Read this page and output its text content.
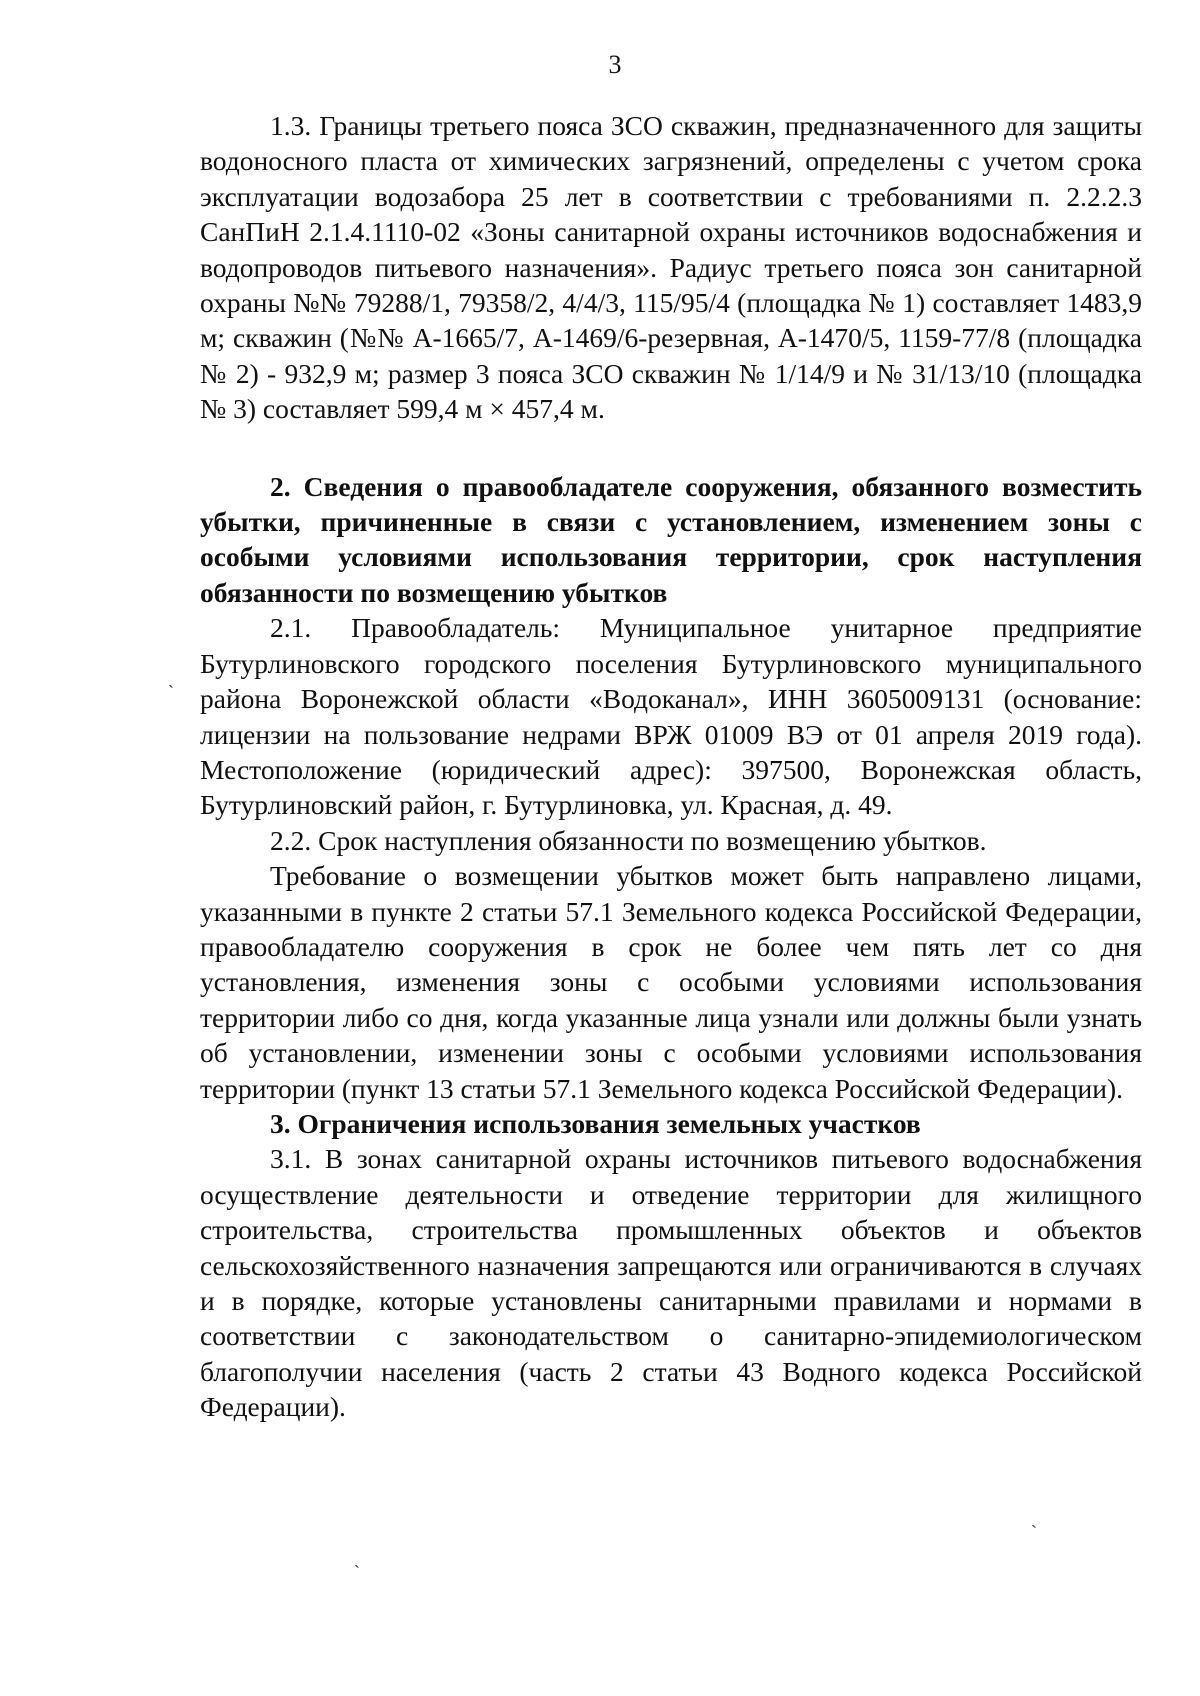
3
ˎ
ˏ
ˋ

1.3. Границы третьего пояса ЗСО скважин, предназначенного для защиты водоносного пласта от химических загрязнений, определены с учетом срока эксплуатации водозабора 25 лет в соответствии с требованиями п. 2.2.2.3 СанПиН 2.1.4.1110-02 «Зоны санитарной охраны источников водоснабжения и водопроводов питьевого назначения». Радиус третьего пояса зон санитарной охраны №№ 79288/1, 79358/2, 4/4/3, 115/95/4 (площадка № 1) составляет 1483,9 м; скважин (№№ А-1665/7, А-1469/6-резервная, А-1470/5, 1159-77/8 (площадка № 2) - 932,9 м; размер 3 пояса ЗСО скважин № 1/14/9 и № 31/13/10 (площадка № 3) составляет 599,4 м × 457,4 м.

2. Сведения о правообладателе сооружения, обязанного возместить убытки, причиненные в связи с установлением, изменением зоны с особыми условиями использования территории, срок наступления обязанности по возмещению убытков

2.1. Правообладатель: Муниципальное унитарное предприятие Бутурлиновского городского поселения Бутурлиновского муниципального района Воронежской области «Водоканал», ИНН 3605009131 (основание: лицензии на пользование недрами ВРЖ 01009 ВЭ от 01 апреля 2019 года). Местоположение (юридический адрес): 397500, Воронежская область, Бутурлиновский район, г. Бутурлиновка, ул. Красная, д. 49.

2.2. Срок наступления обязанности по возмещению убытков.

Требование о возмещении убытков может быть направлено лицами, указанными в пункте 2 статьи 57.1 Земельного кодекса Российской Федерации, правообладателю сооружения в срок не более чем пять лет со дня установления, изменения зоны с особыми условиями использования территории либо со дня, когда указанные лица узнали или должны были узнать об установлении, изменении зоны с особыми условиями использования территории (пункт 13 статьи 57.1 Земельного кодекса Российской Федерации).

3. Ограничения использования земельных участков

3.1. В зонах санитарной охраны источников питьевого водоснабжения осуществление деятельности и отведение территории для жилищного строительства, строительства промышленных объектов и объектов сельскохозяйственного назначения запрещаются или ограничиваются в случаях и в порядке, которые установлены санитарными правилами и нормами в соответствии с законодательством о санитарно-эпидемиологическом благополучии населения (часть 2 статьи 43 Водного кодекса Российской Федерации).
